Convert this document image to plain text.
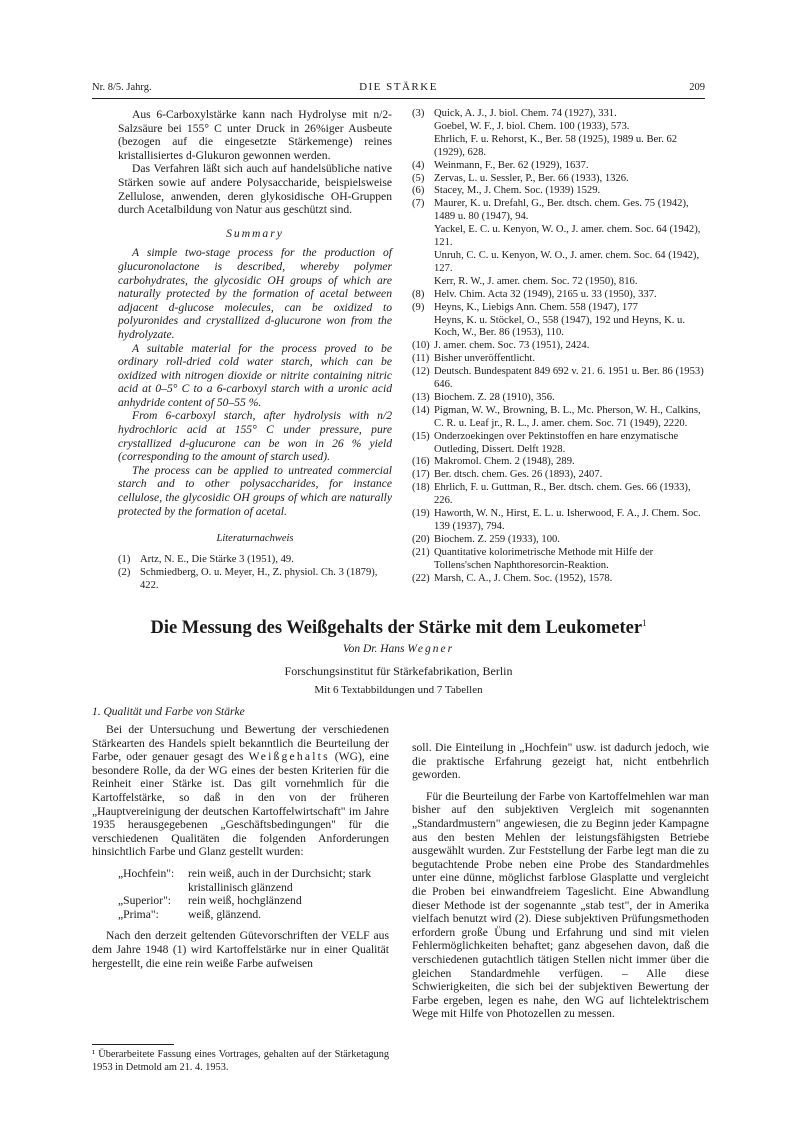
Nr. 8/5. Jahrg.	DIE STÄRKE	209

Aus 6-Carboxylstärke kann nach Hydrolyse mit n/2-Salzsäure bei 155° C unter Druck in 26%iger Ausbeute (bezogen auf die eingesetzte Stärkemenge) reines kristallisiertes d-Glukuron gewonnen werden.

Das Verfahren läßt sich auch auf handelsübliche native Stärken sowie auf andere Polysaccharide, beispielsweise Zellulose, anwenden, deren glykosidische OH-Gruppen durch Acetalbildung von Natur aus geschützt sind.

Summary

A simple two-stage process for the production of glucuronolactone is described, whereby polymer carbohydrates, the glycosidic OH groups of which are naturally protected by the formation of acetal between adjacent d-glucose molecules, can be oxidized to polyuronides and crystallized d-glucurone won from the hydrolyzate.

A suitable material for the process proved to be ordinary roll-dried cold water starch, which can be oxidized with nitrogen dioxide or nitrite containing nitric acid at 0–5° C to a 6-carboxyl starch with a uronic acid anhydride content of 50–55 %.

From 6-carboxyl starch, after hydrolysis with n/2 hydrochloric acid at 155° C under pressure, pure crystallized d-glucurone can be won in 26 % yield (corresponding to the amount of starch used).

The process can be applied to untreated commercial starch and to other polysaccharides, for instance cellulose, the glycosidic OH groups of which are naturally protected by the formation of acetal.

Literaturnachweis
(1) Artz, N. E., Die Stärke 3 (1951), 49.
(2) Schmiedberg, O. u. Meyer, H., Z. physiol. Ch. 3 (1879), 422.
(3) Quick, A. J., J. biol. Chem. 74 (1927), 331.
Goebel, W. F., J. biol. Chem. 100 (1933), 573.
Ehrlich, F. u. Rehorst, K., Ber. 58 (1925), 1989 u. Ber. 62 (1929), 628.
(4) Weinmann, F., Ber. 62 (1929), 1637.
(5) Zervas, L. u. Sessler, P., Ber. 66 (1933), 1326.
(6) Stacey, M., J. Chem. Soc. (1939) 1529.
(7) Maurer, K. u. Drefahl, G., Ber. dtsch. chem. Ges. 75 (1942), 1489 u. 80 (1947), 94.
Yackel, E. C. u. Kenyon, W. O., J. amer. chem. Soc. 64 (1942), 121.
Unruh, C. C. u. Kenyon, W. O., J. amer. chem. Soc. 64 (1942), 127.
Kerr, R. W., J. amer. chem. Soc. 72 (1950), 816.
(8) Helv. Chim. Acta 32 (1949), 2165 u. 33 (1950), 337.
(9) Heyns, K., Liebigs Ann. Chem. 558 (1947), 177
Heyns, K. u. Stöckel, O., 558 (1947), 192 und Heyns, K. u. Koch, W., Ber. 86 (1953), 110.
(10) J. amer. chem. Soc. 73 (1951), 2424.
(11) Bisher unveröffentlicht.
(12) Deutsch. Bundespatent 849 692 v. 21. 6. 1951 u. Ber. 86 (1953) 646.
(13) Biochem. Z. 28 (1910), 356.
(14) Pigman, W. W., Browning, B. L., Mc. Pherson, W. H., Calkins, C. R. u. Leaf jr., R. L., J. amer. chem. Soc. 71 (1949), 2220.
(15) Onderzoekingen over Pektinstoffen en hare enzymatische Outleding, Dissert. Delft 1928.
(16) Makromol. Chem. 2 (1948), 289.
(17) Ber. dtsch. chem. Ges. 26 (1893), 2407.
(18) Ehrlich, F. u. Guttman, R., Ber. dtsch. chem. Ges. 66 (1933), 226.
(19) Haworth, W. N., Hirst, E. L. u. Isherwood, F. A., J. Chem. Soc. 139 (1937), 794.
(20) Biochem. Z. 259 (1933), 100.
(21) Quantitative kolorimetrische Methode mit Hilfe der Tollens'schen Naphthoresorcin-Reaktion.
(22) Marsh, C. A., J. Chem. Soc. (1952), 1578.
Die Messung des Weißgehalts der Stärke mit dem Leukometer$^1$
Von Dr. Hans Wegner
Forschungsinstitut für Stärkefabrikation, Berlin
Mit 6 Textabbildungen und 7 Tabellen
1. Qualität und Farbe von Stärke

Bei der Untersuchung und Bewertung der verschiedenen Stärkearten des Handels spielt bekanntlich die Beurteilung der Farbe, oder genauer gesagt des Weißgehalts (WG), eine besondere Rolle, da der WG eines der besten Kriterien für die Reinheit einer Stärke ist. Das gilt vornehmlich für die Kartoffelstärke, so daß in den von der früheren „Hauptvereinigung der deutschen Kartoffelwirtschaft" im Jahre 1935 herausgegebenen „Geschäftsbedingungen" für die verschiedenen Qualitäten die folgenden Anforderungen hinsichtlich Farbe und Glanz gestellt wurden:

„Hochfein":	rein weiß, auch in der Durchsicht; stark kristallinisch glänzend
„Superior":	rein weiß, hochglänzend
„Prima":	weiß, glänzend.

Nach den derzeit geltenden Gütevorschriften der VELF aus dem Jahre 1948 (1) wird Kartoffelstärke nur in einer Qualität hergestellt, die eine rein weiße Farbe aufweisen

¹ Überarbeitete Fassung eines Vortrages, gehalten auf der Stärketagung 1953 in Detmold am 21. 4. 1953.

soll. Die Einteilung in „Hochfein" usw. ist dadurch jedoch, wie die praktische Erfahrung gezeigt hat, nicht entbehrlich geworden.

Für die Beurteilung der Farbe von Kartoffelmehlen war man bisher auf den subjektiven Vergleich mit sogenannten „Standardmustern" angewiesen, die zu Beginn jeder Kampagne aus den besten Mehlen der leistungsfähigsten Betriebe ausgewählt wurden. Zur Feststellung der Farbe legt man die zu begutachtende Probe neben eine Probe des Standardmehles unter eine dünne, möglichst farblose Glasplatte und vergleicht die Proben bei einwandfreiem Tageslicht. Eine Abwandlung dieser Methode ist der sogenannte „stab test", der in Amerika vielfach benutzt wird (2). Diese subjektiven Prüfungsmethoden erfordern große Übung und Erfahrung und sind mit vielen Fehlermöglichkeiten behaftet; ganz abgesehen davon, daß die verschiedenen gutachtlich tätigen Stellen nicht immer über die gleichen Standardmehle verfügen. – Alle diese Schwierigkeiten, die sich bei der subjektiven Bewertung der Farbe ergeben, legen es nahe, den WG auf lichtelektrischem Wege mit Hilfe von Photozellen zu messen.
